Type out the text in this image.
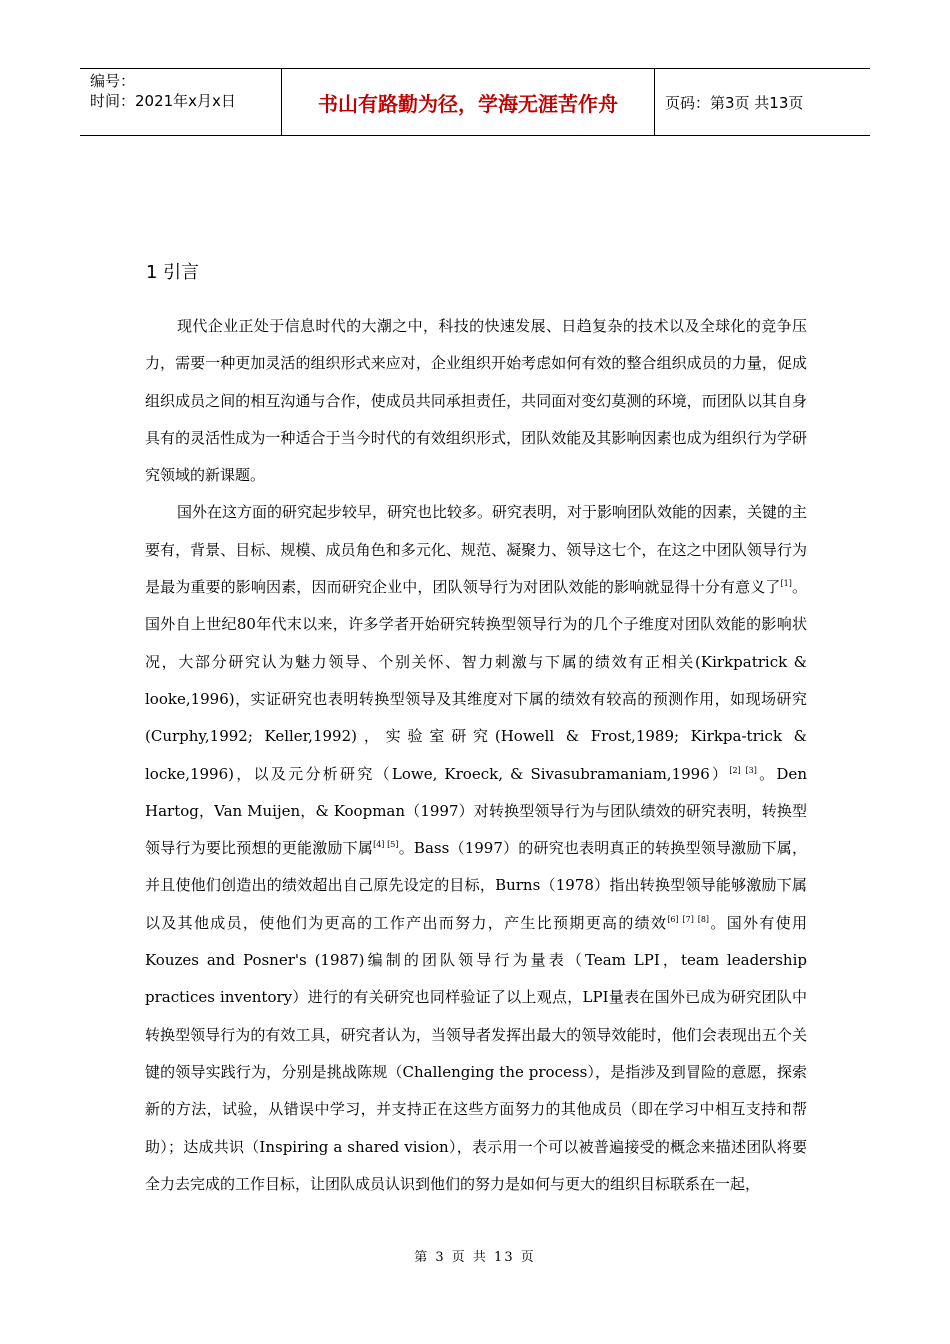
编号：
时间：2021年x月x日	书山有路勤为径，学海无涯苦作舟	页码：第3页 共13页
1 引言

现代企业正处于信息时代的大潮之中，科技的快速发展、日趋复杂的技术以及全球化的竞争压力，需要一种更加灵活的组织形式来应对，企业组织开始考虑如何有效的整合组织成员的力量，促成组织成员之间的相互沟通与合作，使成员共同承担责任，共同面对变幻莫测的环境，而团队以其自身具有的灵活性成为一种适合于当今时代的有效组织形式，团队效能及其影响因素也成为组织行为学研究领域的新课题。

国外在这方面的研究起步较早，研究也比较多。研究表明，对于影响团队效能的因素，关键的主要有，背景、目标、规模、成员角色和多元化、规范、凝聚力、领导这七个，在这之中团队领导行为是最为重要的影响因素，因而研究企业中，团队领导行为对团队效能的影响就显得十分有意义了[1]。国外自上世纪80年代末以来，许多学者开始研究转换型领导行为的几个子维度对团队效能的影响状况，大部分研究认为魅力领导、个别关怀、智力刺激与下属的绩效有正相关(Kirkpatrick & looke,1996)，实证研究也表明转换型领导及其维度对下属的绩效有较高的预测作用，如现场研究(Curphy,1992; Keller,1992)，实验室研究(Howell & Frost,1989; Kirkpa-trick & locke,1996)，以及元分析研究（Lowe, Kroeck, & Sivasubramaniam,1996）[2] [3]。Den Hartog，Van Muijen，& Koopman（1997）对转换型领导行为与团队绩效的研究表明，转换型领导行为要比预想的更能激励下属[4] [5]。Bass（1997）的研究也表明真正的转换型领导激励下属，并且使他们创造出的绩效超出自己原先设定的目标，Burns（1978）指出转换型领导能够激励下属以及其他成员，使他们为更高的工作产出而努力，产生比预期更高的绩效[6] [7] [8]。国外有使用Kouzes and Posner's (1987)编制的团队领导行为量表（Team LPI，team leadership practices inventory）进行的有关研究也同样验证了以上观点，LPI量表在国外已成为研究团队中转换型领导行为的有效工具，研究者认为，当领导者发挥出最大的领导效能时，他们会表现出五个关键的领导实践行为，分别是挑战陈规（Challenging the process），是指涉及到冒险的意愿，探索新的方法，试验，从错误中学习，并支持正在这些方面努力的其他成员（即在学习中相互支持和帮助）；达成共识（Inspiring a shared vision），表示用一个可以被普遍接受的概念来描述团队将要全力去完成的工作目标，让团队成员认识到他们的努力是如何与更大的组织目标联系在一起，

第 3 页 共 13 页
